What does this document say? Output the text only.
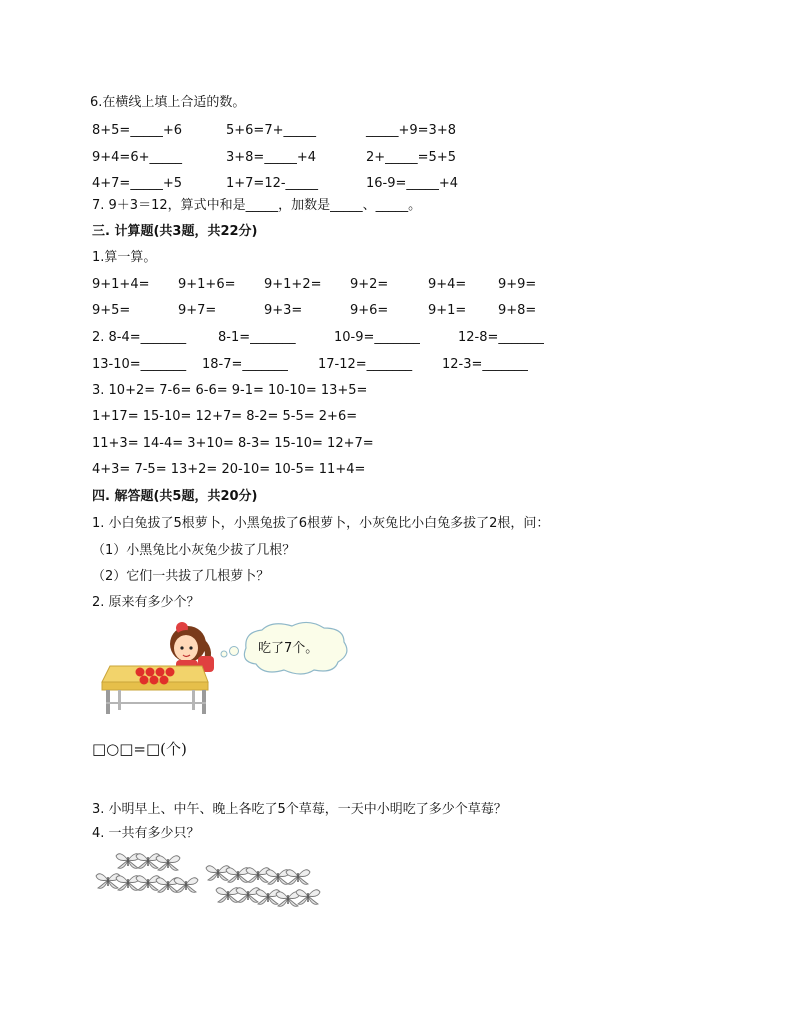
6.在横线上填上合适的数。
8+5=_____+6	5+6=7+_____	_____+9=3+8
9+4=6+_____	3+8=_____+4	2+_____=5+5
4+7=_____+5	1+7=12-_____	16-9=_____+4
7. 9＋3＝12，算式中和是_____，加数是_____、_____。
三. 计算题(共3题，共22分)
1.算一算。
9+1+4= 9+1+6= 9+1+2= 9+2=	9+4= 9+9=
9+5=	9+7=	9+3=	9+6=	9+1= 9+8=
2. 8-4=_______ 8-1=_______	10-9=_______	12-8=_______
13-10=_______ 18-7=_______ 17-12=_______ 12-3=_______
3. 10+2= 7-6= 6-6= 9-1= 10-10= 13+5=
1+17= 15-10= 12+7= 8-2= 5-5= 2+6=
11+3= 14-4= 3+10= 8-3= 15-10= 12+7=
4+3= 7-5= 13+2= 20-10= 10-5= 11+4=
四. 解答题(共5题，共20分)
1. 小白兔拔了5根萝卜，小黑兔拔了6根萝卜，小灰兔比小白兔多拔了2根，问：
（1）小黑兔比小灰兔少拔了几根？
（2）它们一共拔了几根萝卜？
2. 原来有多少个？
吃了7个。
□○□=□(个)
3. 小明早上、中午、晚上各吃了5个草莓，一天中小明吃了多少个草莓？
4. 一共有多少只？
